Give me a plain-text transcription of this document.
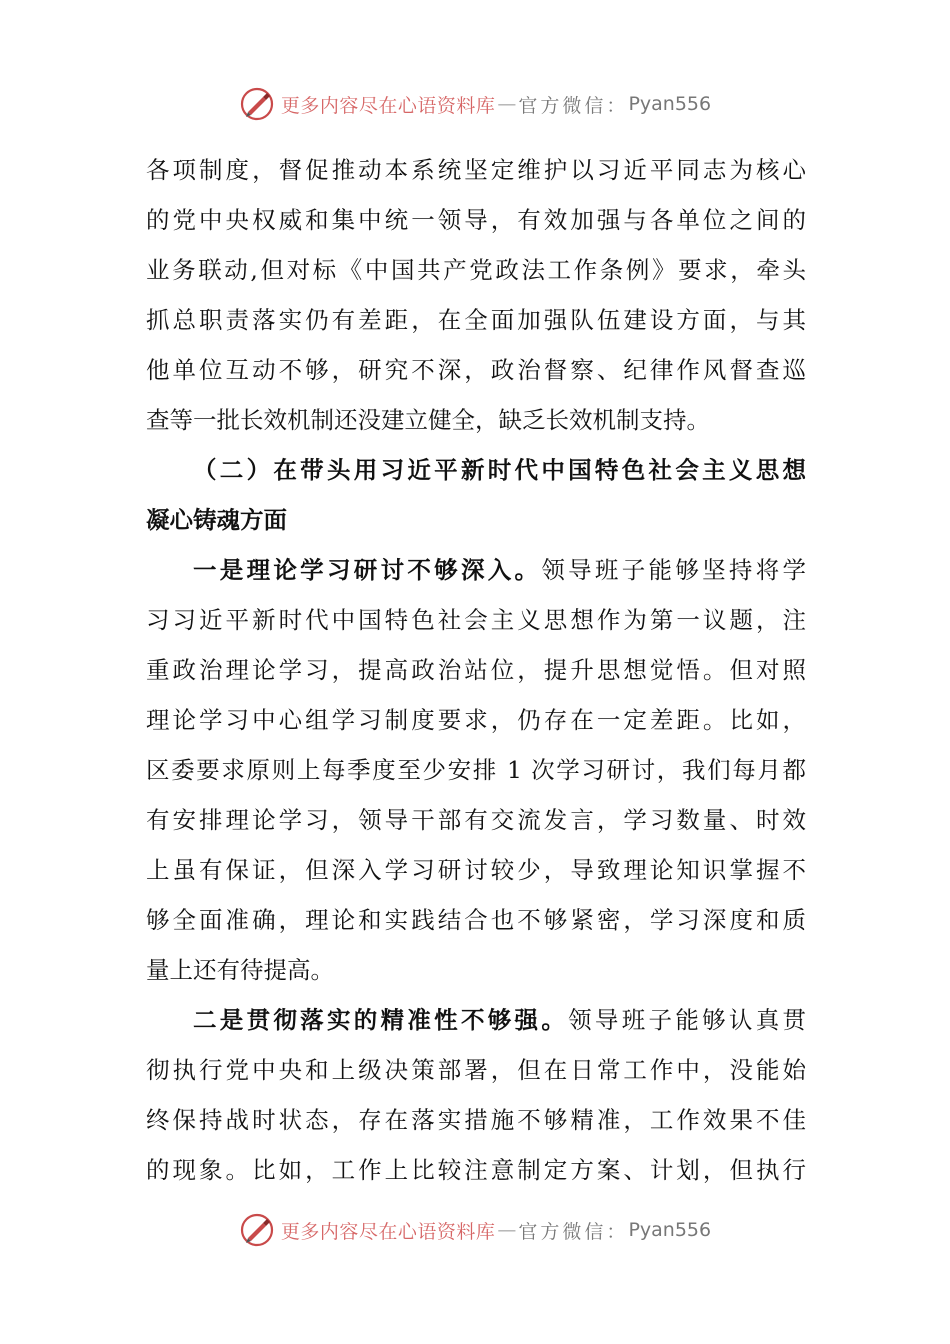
更多内容尽在心语资料库 — 官方微信： Pyan556
各项制度，督促推动本系统坚定维护以习近平同志为核心
的党中央权威和集中统一领导，有效加强与各单位之间的
业务联动,但对标《中国共产党政法工作条例》要求，牵头
抓总职责落实仍有差距，在全面加强队伍建设方面，与其
他单位互动不够，研究不深，政治督察、纪律作风督查巡
查等一批长效机制还没建立健全，缺乏长效机制支持。
（二）在带头用习近平新时代中国特色社会主义思想
凝心铸魂方面
一是理论学习研讨不够深入。领导班子能够坚持将学
习习近平新时代中国特色社会主义思想作为第一议题，注
重政治理论学习，提高政治站位，提升思想觉悟。但对照
理论学习中心组学习制度要求，仍存在一定差距。比如，
区委要求原则上每季度至少安排 1 次学习研讨，我们每月都
有安排理论学习，领导干部有交流发言，学习数量、时效
上虽有保证，但深入学习研讨较少，导致理论知识掌握不
够全面准确，理论和实践结合也不够紧密，学习深度和质
量上还有待提高。
二是贯彻落实的精准性不够强。领导班子能够认真贯
彻执行党中央和上级决策部署，但在日常工作中，没能始
终保持战时状态，存在落实措施不够精准，工作效果不佳
的现象。比如，工作上比较注意制定方案、计划，但执行
更多内容尽在心语资料库 — 官方微信： Pyan556
